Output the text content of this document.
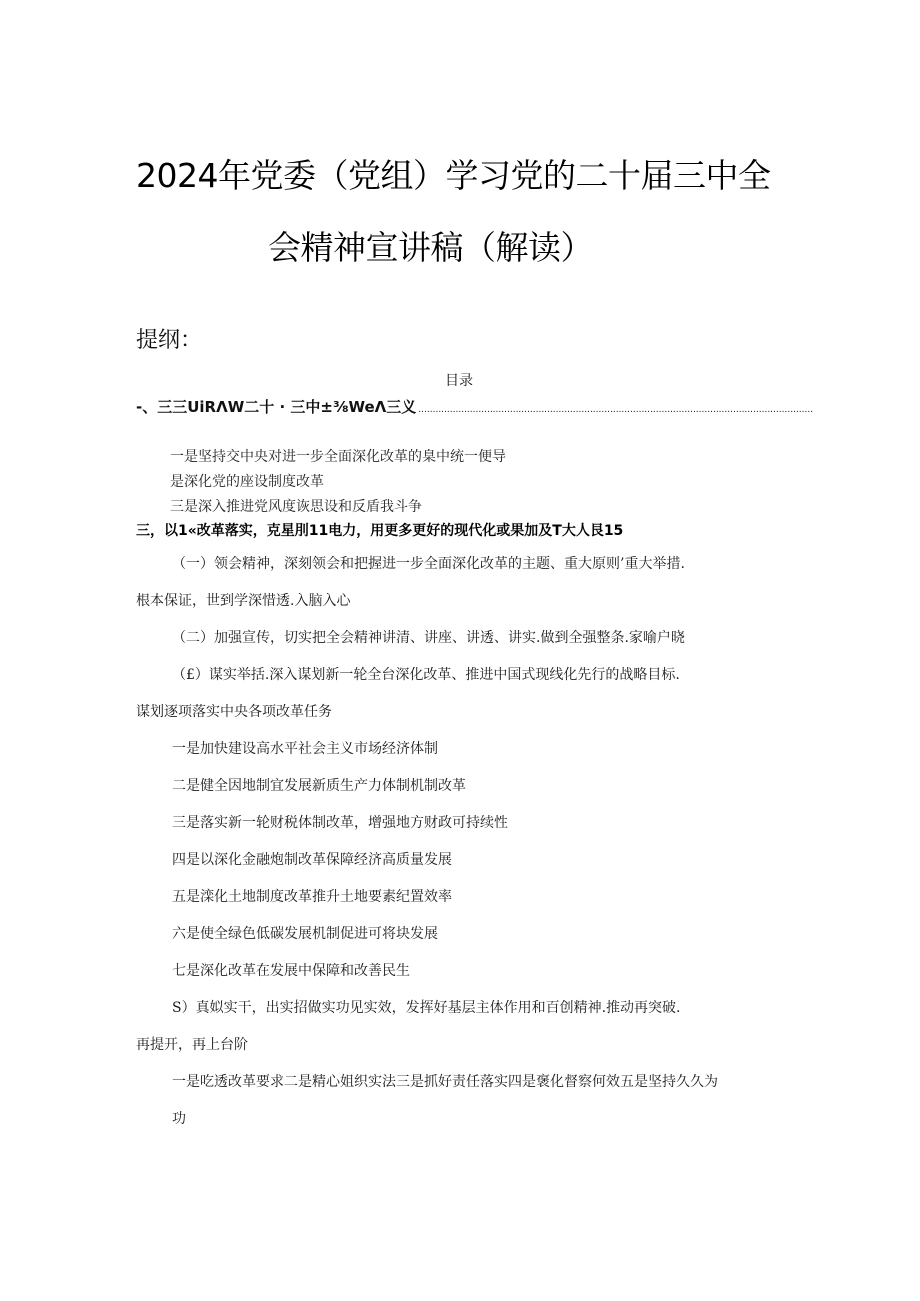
2024年党委（党组）学习党的二十届三中全
会精神宣讲稿（解读）
提纲：
目录
-、三三UiRΛW二十 · 三中±⅜WeΛ三义 ..........................................................................................................................................
一是坚持交中央对进一步全面深化改革的臬中统一便导
是深化党的座设制度改革
三是深入推进党风度诙思设和反盾我斗争
三，以1«改革落实，克星刖11电力，用更多更好的现代化或果加及T大人艮15
（一）领会精神，深刻领会和把握进一步全面深化改革的主题、重大原则’重大举措.
根本保证，世到学深惜透.入脑入心
（二）加强宣传，切实把全会精神讲清、讲座、讲透、讲实.做到全强整条.家喻户晓
（£）谋实举括.深入谋划新一轮全台深化改革、推进中国式现线化先行的战略目标.
谋划逐项落实中央各项改革任务
一是加快建设高水平社会主义市场经济体制
二是健全因地制宜发展新质生产力体制机制改革
三是落实新一轮财税体制改革，增强地方财政可持续性
四是以深化金融炮制改革保障经济高质量发展
五是滦化土地制度改革推升土地要素纪置效率
六是使全绿色低碳发展机制促进可将块发展
七是深化改革在发展中保障和改善民生
S）真姒实干，出实招做实功见实效，发挥好基层主体作用和百创精神.推动再突破.
再提开，再上台阶
一是吃透改革要求二是精心姐织实法三是抓好责任落实四是褒化督察何效五是坚持久久为
功
